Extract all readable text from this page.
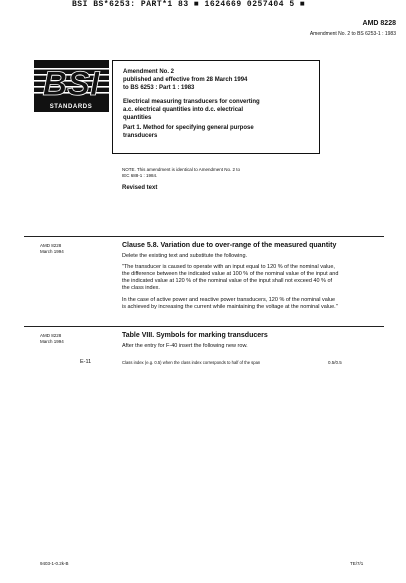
BSI BS*6253: PART*1 83 ■ 1624669 0257404 5 ■
AMD 8228
Amendment No. 2 to BS 6253-1 : 1983
BSI
STANDARDS
Amendment No. 2
published and effective from 28 March 1994
to BS 6253 : Part 1 : 1983
Electrical measuring transducers for converting
a.c. electrical quantities into d.c. electrical
quantities
Part 1. Method for specifying general purpose
transducers
NOTE. This amendment is identical to Amendment No. 2 to
IEC 688-1 : 1984.
Revised text
AMD 8228
March 1994
Clause 5.8. Variation due to over-range of the measured quantity
Delete the existing text and substitute the following.
"The transducer is caused to operate with an input equal to 120 % of the nominal value,
the difference between the indicated value at 100 % of the nominal value of the input and
the indicated value at 120 % of the nominal value of the input shall not exceed 40 % of
the class index.
In the case of active power and reactive power transducers, 120 % of the nominal value
is achieved by increasing the current while maintaining the voltage at the nominal value."
AMD 8228
March 1994
Table VIII. Symbols for marking transducers
After the entry for F-40 insert the following new row.
E-11	Class index (e.g. 0.5) when the class index corresponds to half of the span	0.5/0.5
9403-1-0.2k-B	TE/7/1
